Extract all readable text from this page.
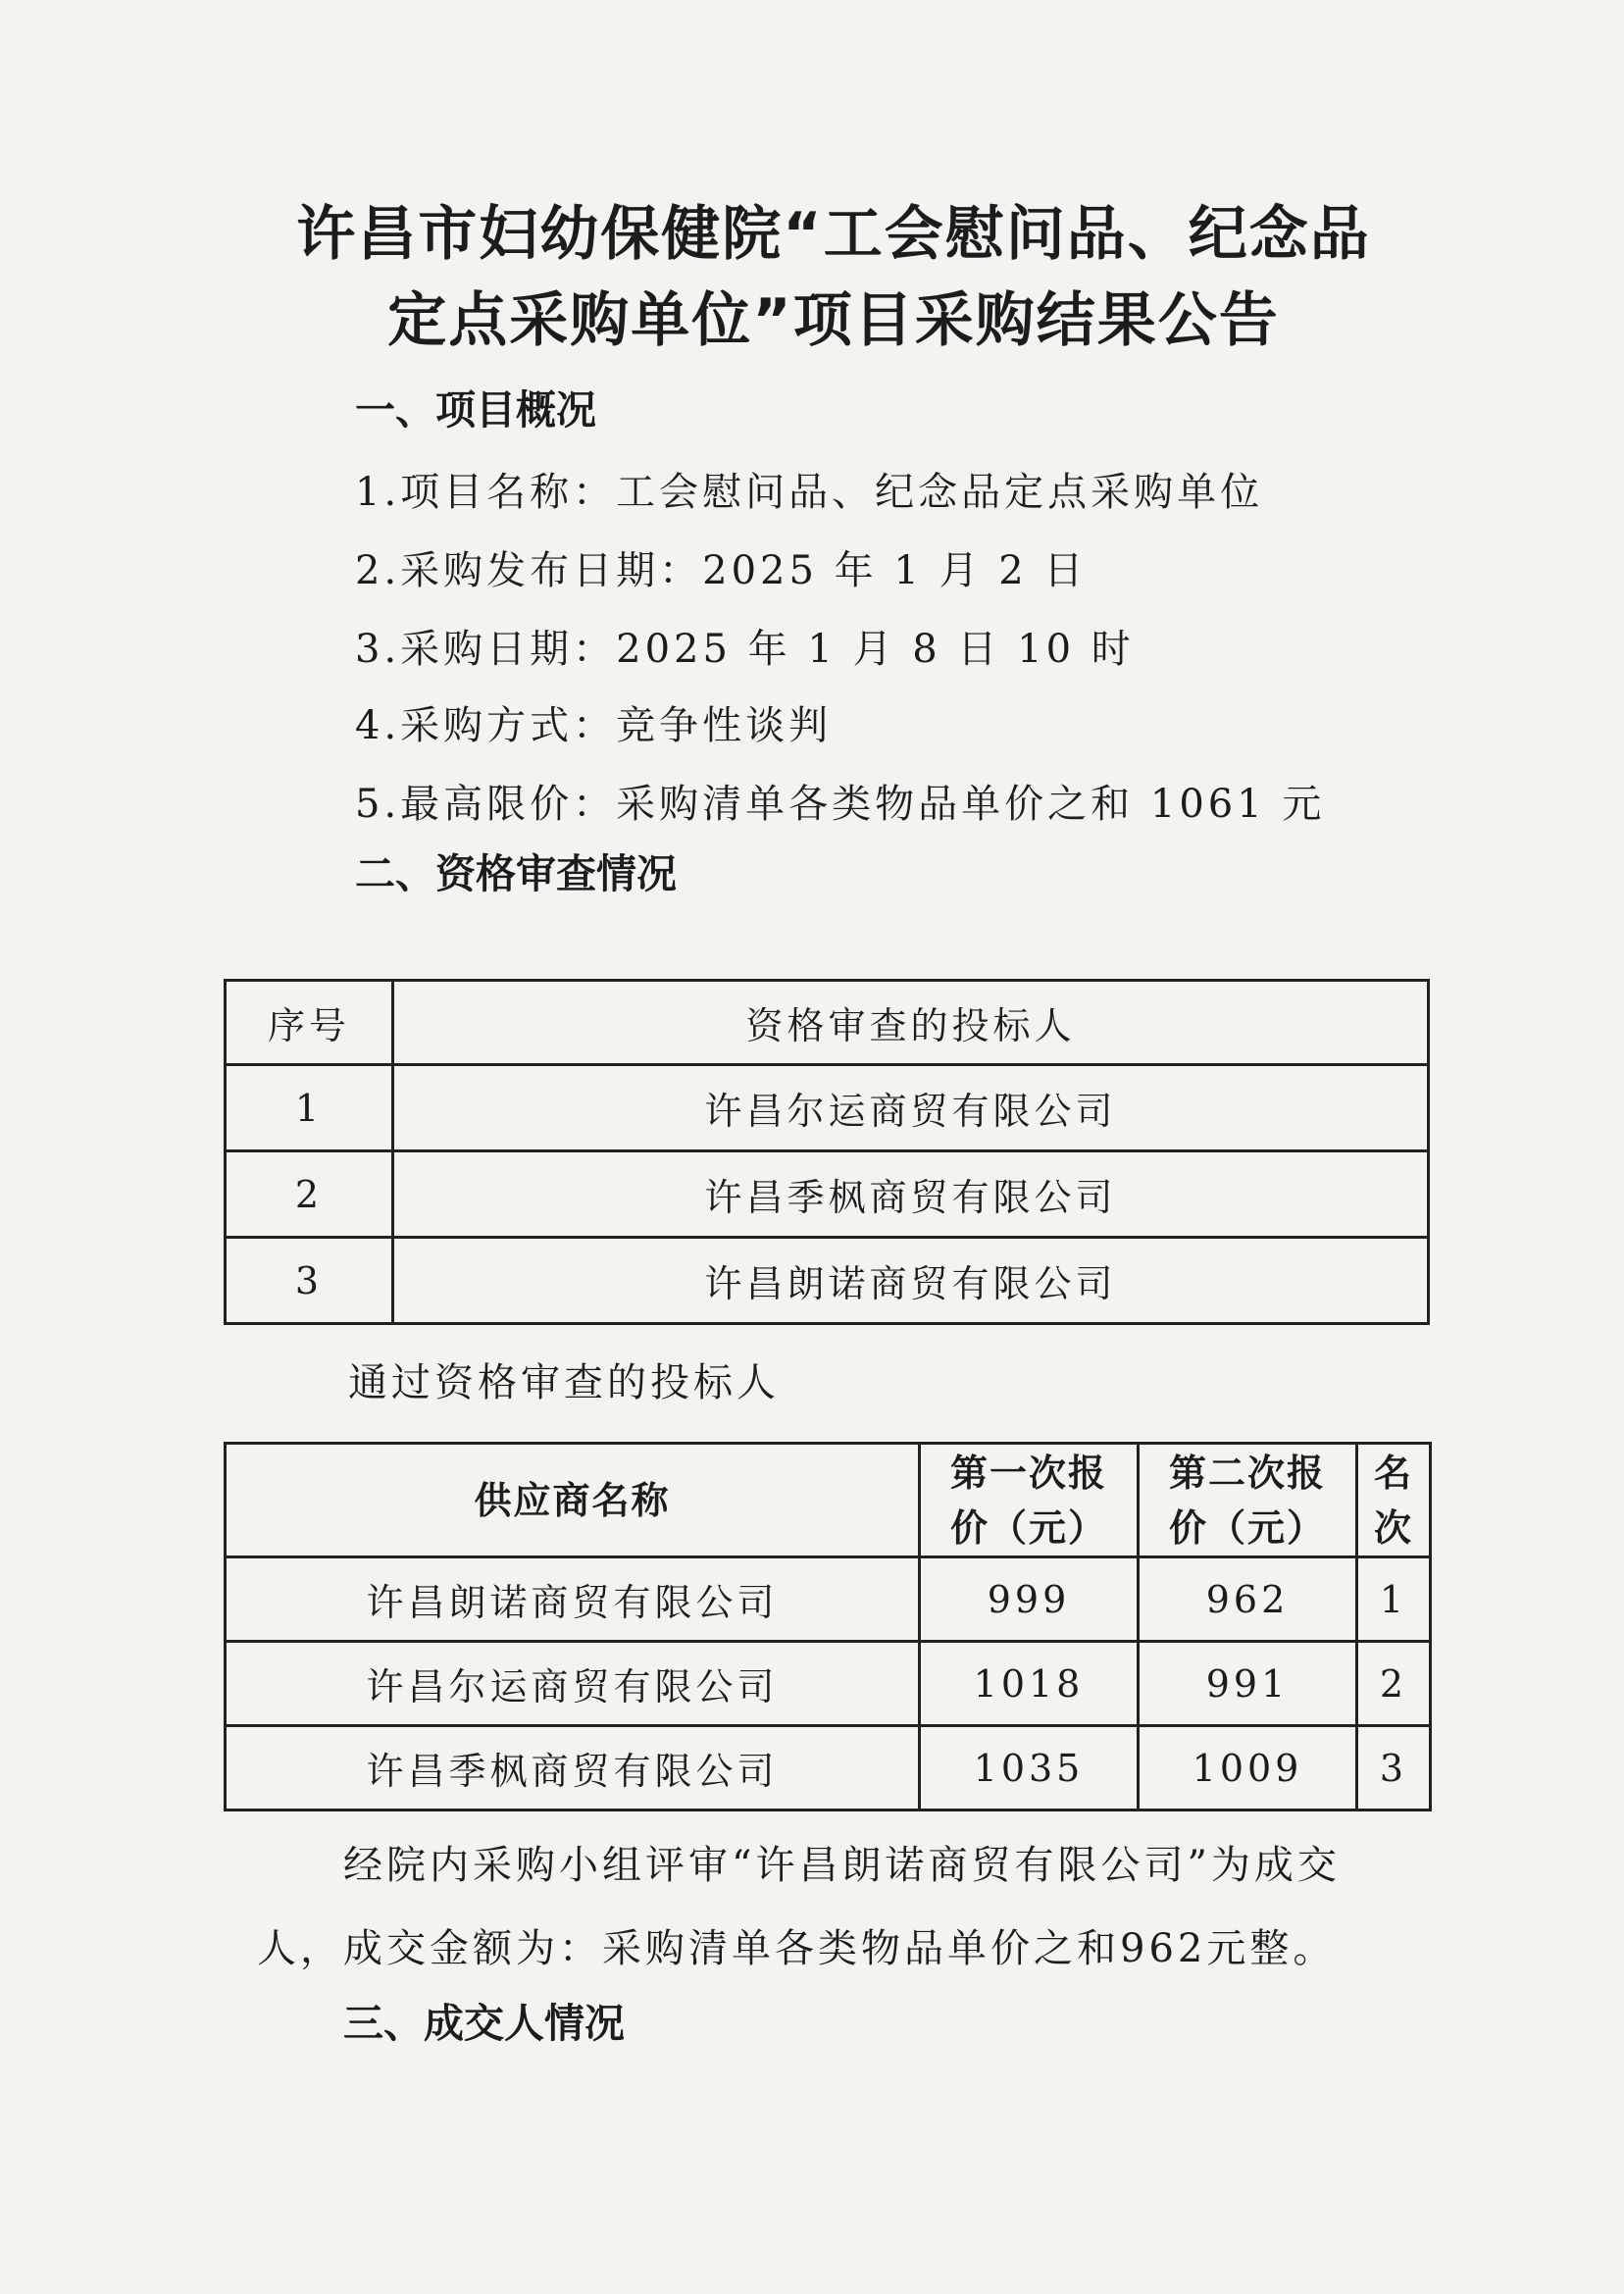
许昌市妇幼保健院“工会慰问品、纪念品
定点采购单位”项目采购结果公告
一、项目概况
1.项目名称：工会慰问品、纪念品定点采购单位
2.采购发布日期：2025 年 1 月 2 日
3.采购日期：2025 年 1 月 8 日 10 时
4.采购方式：竞争性谈判
5.最高限价：采购清单各类物品单价之和 1061 元
二、资格审查情况
序号	资格审查的投标人
1	许昌尔运商贸有限公司
2	许昌季枫商贸有限公司
3	许昌朗诺商贸有限公司
通过资格审查的投标人
供应商名称	第一次报价（元）	第二次报价（元）	名次
许昌朗诺商贸有限公司	999	962	1
许昌尔运商贸有限公司	1018	991	2
许昌季枫商贸有限公司	1035	1009	3
经院内采购小组评审“许昌朗诺商贸有限公司”为成交
人，成交金额为：采购清单各类物品单价之和962元整。
三、成交人情况
